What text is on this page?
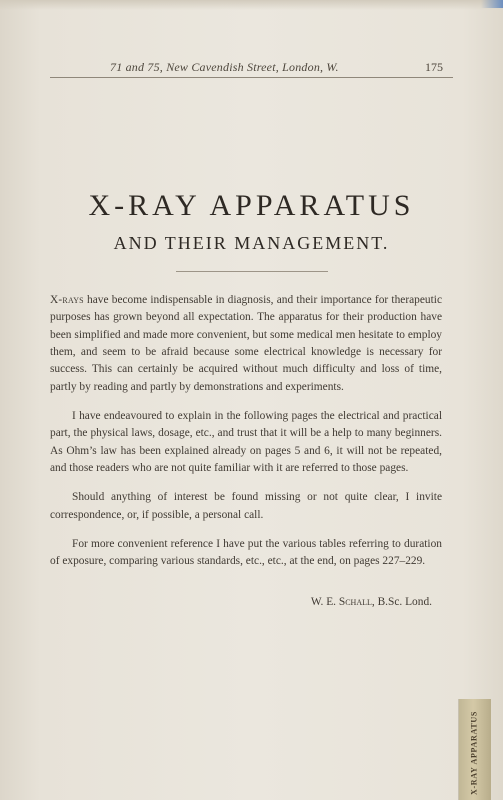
71 and 75, New Cavendish Street, London, W.	175
X-RAY APPARATUS
AND THEIR MANAGEMENT.

X-rays have become indispensable in diagnosis, and their importance for therapeutic purposes has grown beyond all expectation. The apparatus for their production have been simplified and made more convenient, but some medical men hesitate to employ them, and seem to be afraid because some electrical knowledge is necessary for success. This can certainly be acquired without much difficulty and loss of time, partly by reading and partly by demonstrations and experiments.

I have endeavoured to explain in the following pages the electrical and practical part, the physical laws, dosage, etc., and trust that it will be a help to many beginners. As Ohm’s law has been explained already on pages 5 and 6, it will not be repeated, and those readers who are not quite familiar with it are referred to those pages.

Should anything of interest be found missing or not quite clear, I invite correspondence, or, if possible, a personal call.

For more convenient reference I have put the various tables referring to duration of exposure, comparing various standards, etc., etc., at the end, on pages 227–229.

W. E. Schall, B.Sc. Lond.
X-RAY APPARATUS
